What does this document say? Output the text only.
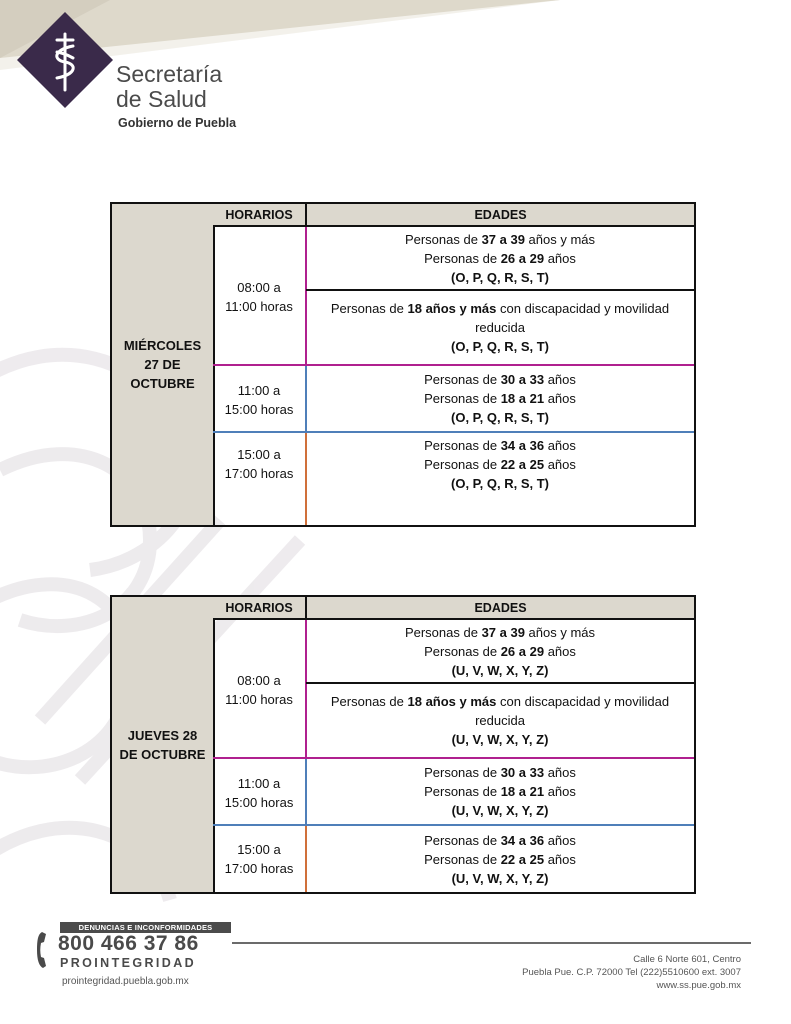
Secretaría
de Salud
Gobierno de Puebla
MIÉRCOLES
27 DE
OCTUBRE
HORARIOS	EDADES
08:00 a
11:00 horas
Personas de 37 a 39 años y más
Personas de 26 a 29 años
(O, P, Q, R, S, T)
Personas de 18 años y más con discapacidad y movilidad
reducida
(O, P, Q, R, S, T)
11:00 a
15:00 horas
Personas de 30 a 33 años
Personas de 18 a 21 años
(O, P, Q, R, S, T)
15:00 a
17:00 horas
Personas de 34 a 36 años
Personas de 22 a 25 años
(O, P, Q, R, S, T)
JUEVES 28
DE OCTUBRE
HORARIOS	EDADES
08:00 a
11:00 horas
Personas de 37 a 39 años y más
Personas de 26 a 29 años
(U, V, W, X, Y, Z)
Personas de 18 años y más con discapacidad y movilidad
reducida
(U, V, W, X, Y, Z)
11:00 a
15:00 horas
Personas de 30 a 33 años
Personas de 18 a 21 años
(U, V, W, X, Y, Z)
15:00 a
17:00 horas
Personas de 34 a 36 años
Personas de 22 a 25 años
(U, V, W, X, Y, Z)
DENUNCIAS E INCONFORMIDADES
800 466 37 86
PROINTEGRIDAD
prointegridad.puebla.gob.mx
Calle 6 Norte 601, Centro
Puebla Pue. C.P. 72000 Tel (222)5510600 ext. 3007
www.ss.pue.gob.mx
